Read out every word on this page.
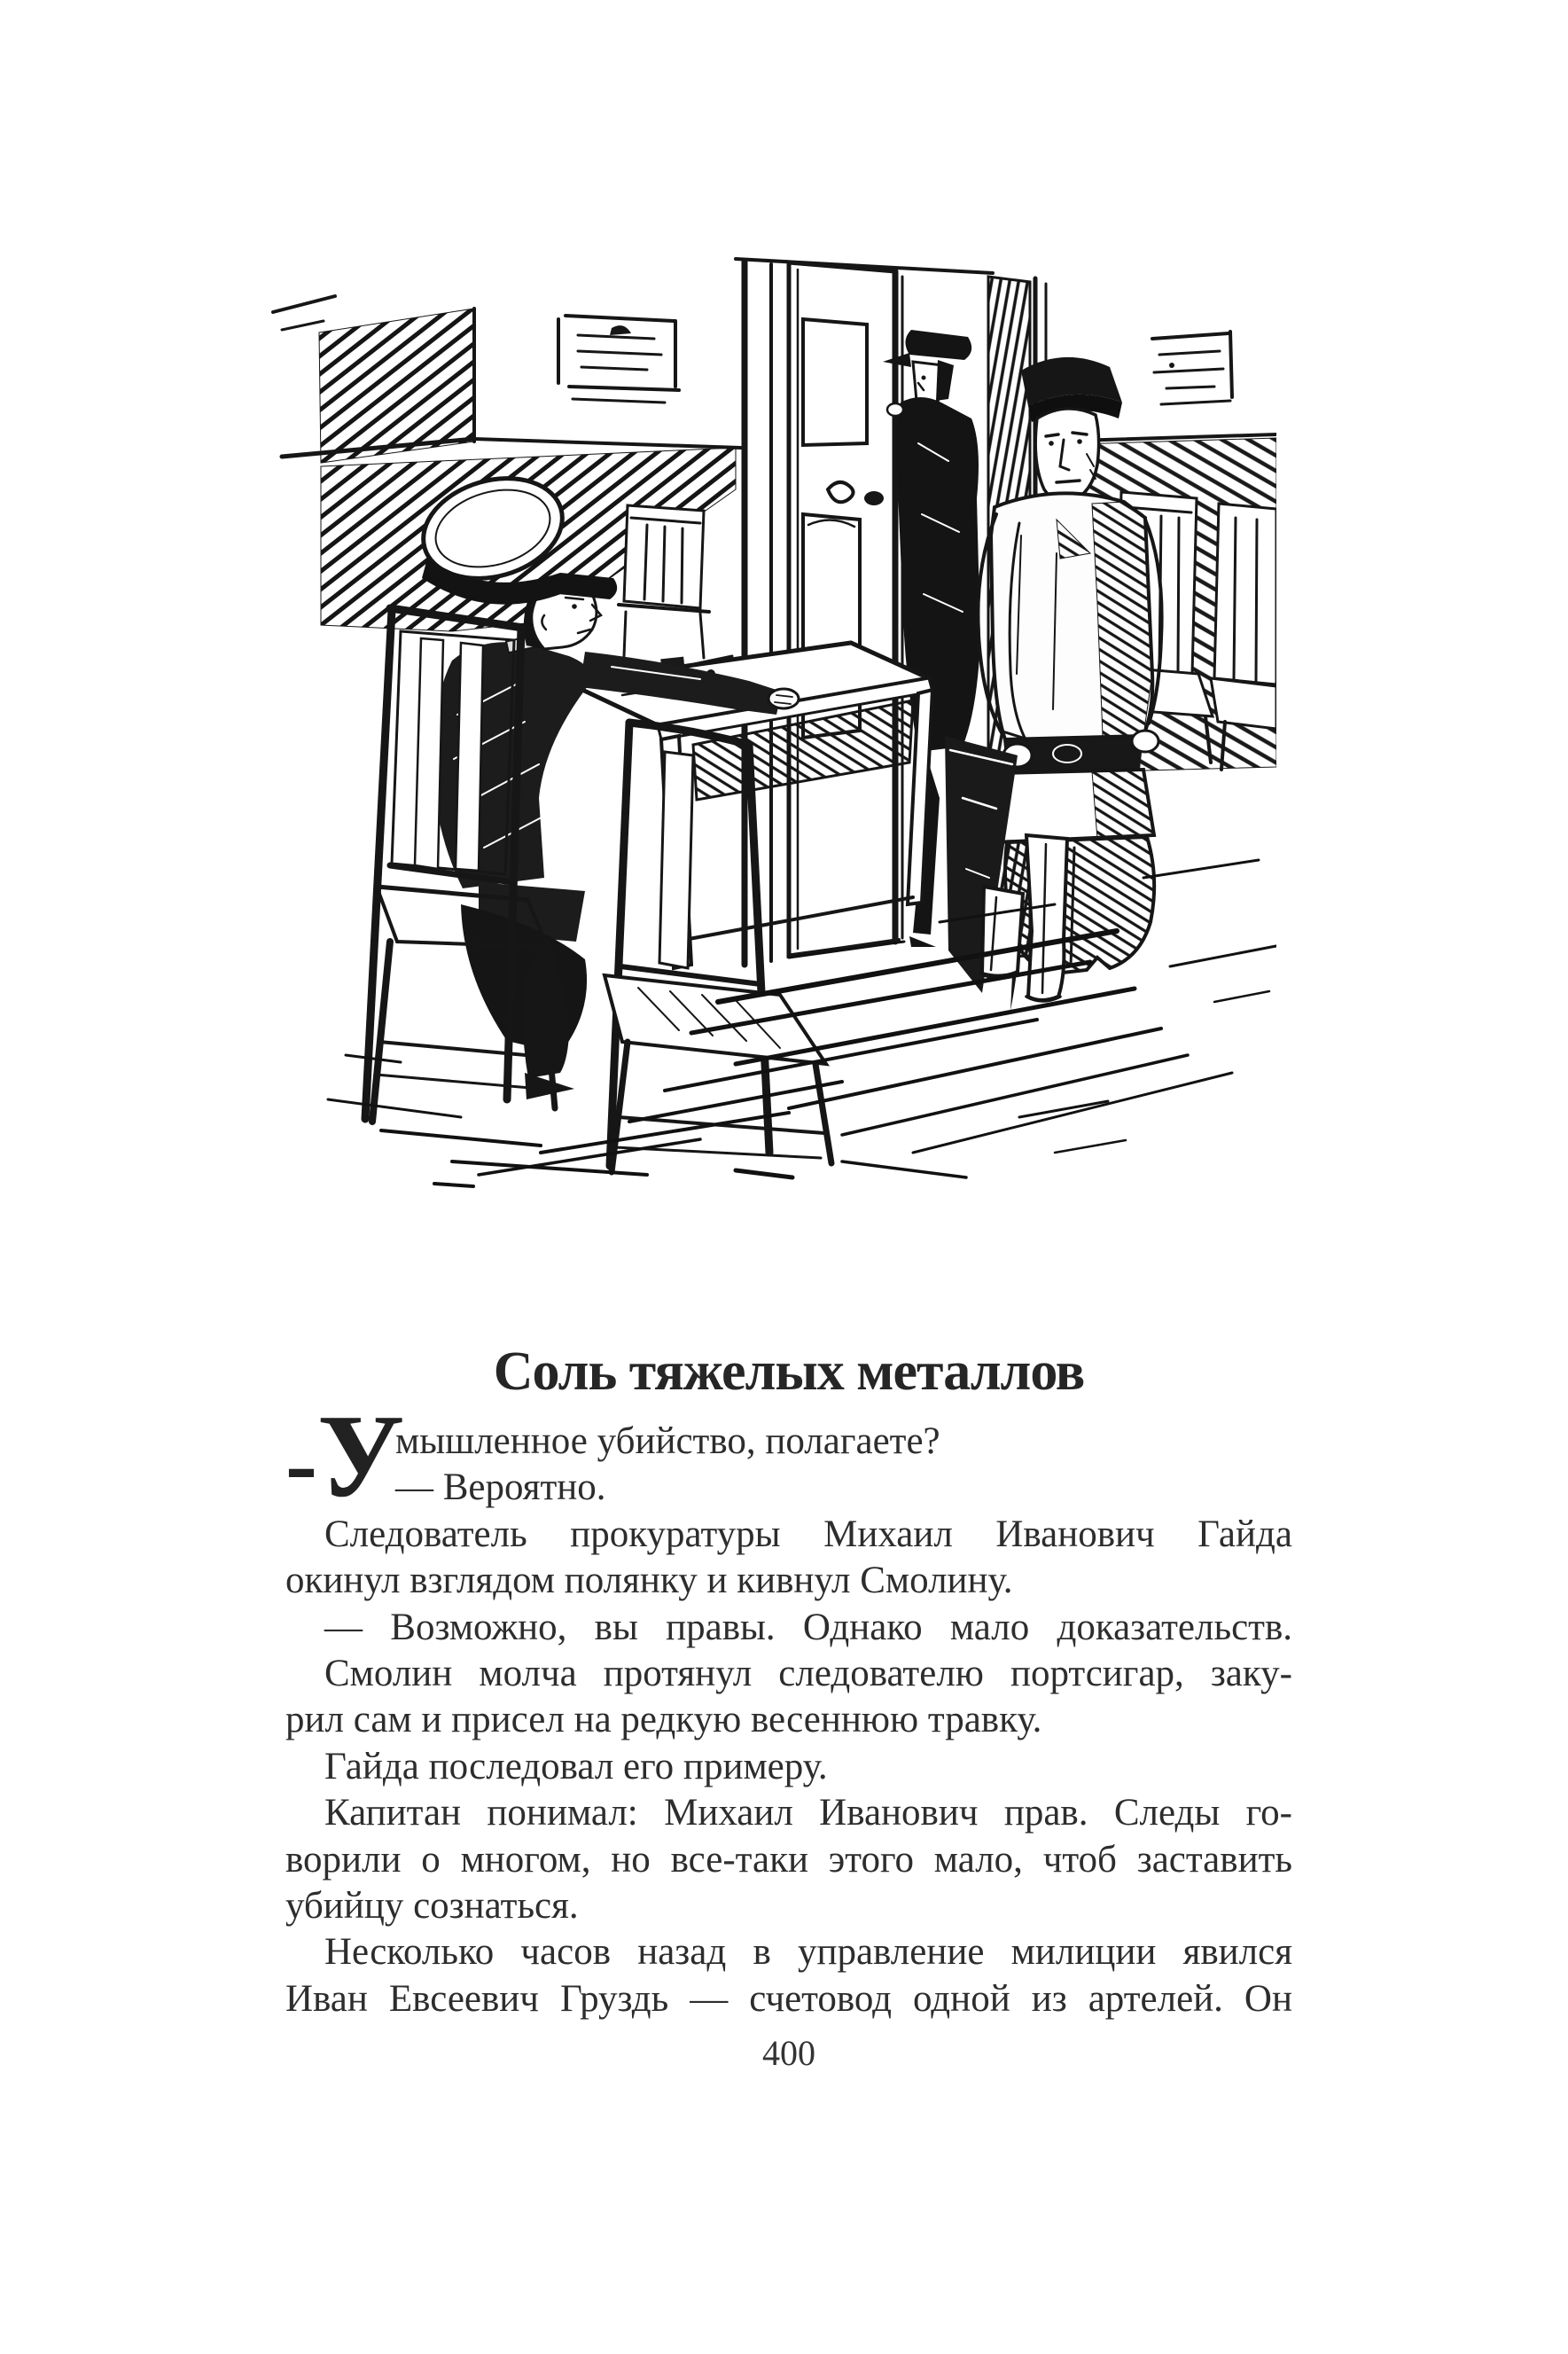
Соль тяжелых металлов
- У
мышленное убийство, полагаете?
— Вероятно.
Следователь прокуратуры Михаил Иванович Гайда
окинул взглядом полянку и кивнул Смолину.
— Возможно, вы правы. Однако мало доказательств.
Смолин молча протянул следователю портсигар, заку-
рил сам и присел на редкую весеннюю травку.
Гайда последовал его примеру.
Капитан понимал: Михаил Иванович прав. Следы го-
ворили о многом, но все-таки этого мало, чтоб заставить
убийцу сознаться.
Несколько часов назад в управление милиции явился
Иван Евсеевич Груздь — счетовод одной из артелей. Он
400
